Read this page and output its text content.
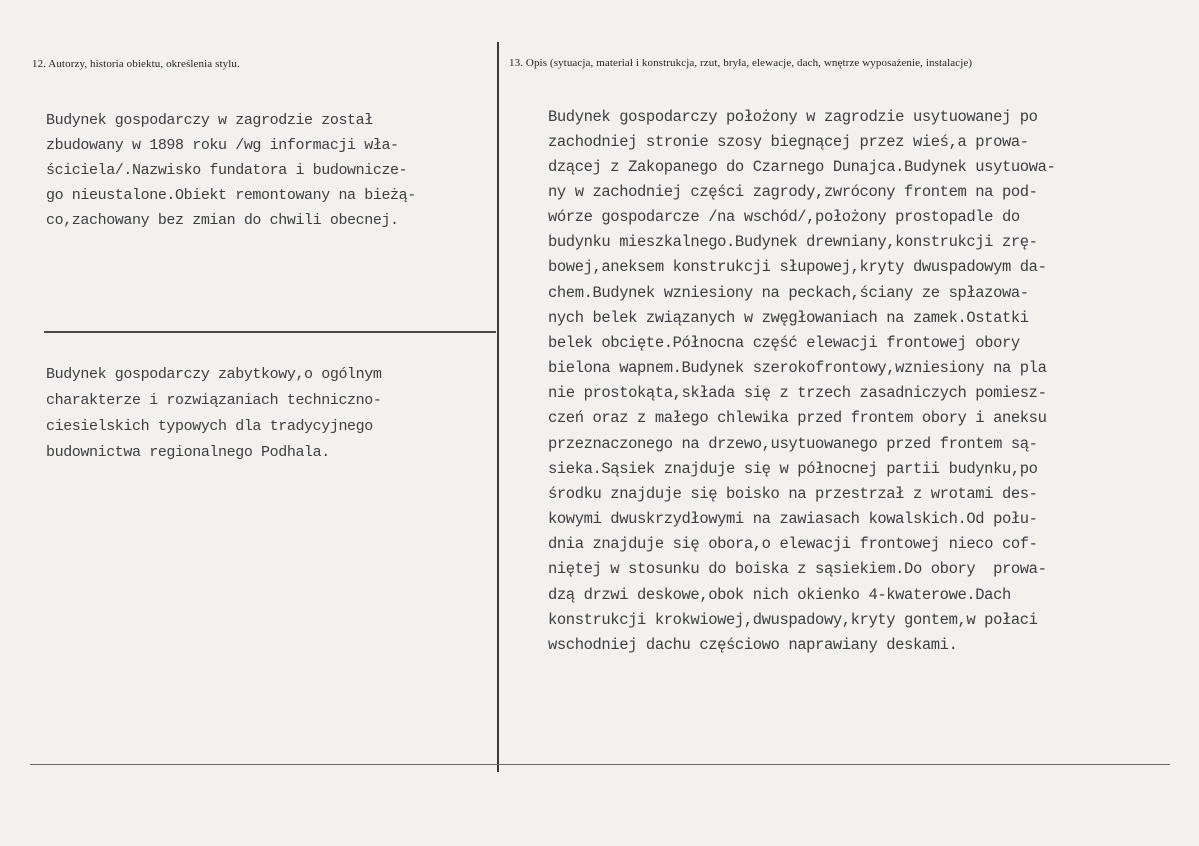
12. Autorzy, historia obiektu, określenia stylu.	13. Opis (sytuacja, materiał i konstrukcja, rzut, bryła, elewacje, dach, wnętrze wyposażenie, instalacje)
Budynek gospodarczy w zagrodzie został
zbudowany w 1898 roku /wg informacji wła-
ściciela/.Nazwisko fundatora i budownicze-
go nieustalone.Obiekt remontowany na bieżą-
co,zachowany bez zmian do chwili obecnej.
Budynek gospodarczy zabytkowy,o ogólnym
charakterze i rozwiązaniach techniczno-
ciesielskich typowych dla tradycyjnego
budownictwa regionalnego Podhala.
Budynek gospodarczy położony w zagrodzie usytuowanej po
zachodniej stronie szosy biegnącej przez wieś,a prowa-
dzącej z Zakopanego do Czarnego Dunajca.Budynek usytuowa-
ny w zachodniej części zagrody,zwrócony frontem na pod-
wórze gospodarcze /na wschód/,położony prostopadle do
budynku mieszkalnego.Budynek drewniany,konstrukcji zrę-
bowej,aneksem konstrukcji słupowej,kryty dwuspadowym da-
chem.Budynek wzniesiony na peckach,ściany ze spłazowa-
nych belek związanych w zwęgłowaniach na zamek.Ostatki
belek obcięte.Północna część elewacji frontowej obory
bielona wapnem.Budynek szerokofrontowy,wzniesiony na pla
nie prostokąta,składa się z trzech zasadniczych pomiesz-
czeń oraz z małego chlewika przed frontem obory i aneksu
przeznaczonego na drzewo,usytuowanego przed frontem są-
sieka.Sąsiek znajduje się w północnej partii budynku,po
środku znajduje się boisko na przestrzał z wrotami des-
kowymi dwuskrzydłowymi na zawiasach kowalskich.Od połu-
dnia znajduje się obora,o elewacji frontowej nieco cof-
niętej w stosunku do boiska z sąsiekiem.Do obory  prowa-
dzą drzwi deskowe,obok nich okienko 4-kwaterowe.Dach
konstrukcji krokwiowej,dwuspadowy,kryty gontem,w połaci
wschodniej dachu częściowo naprawiany deskami.
